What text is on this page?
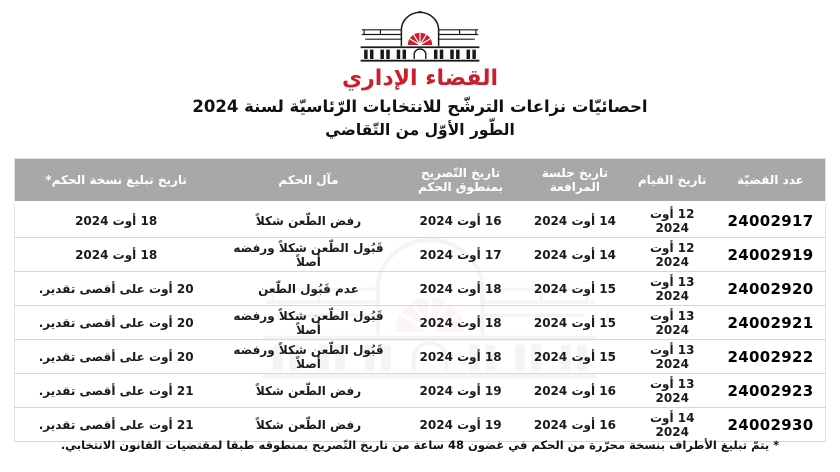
القضاء الإداري
احصائيّات نزاعات الترشّح للانتخابات الرّئاسيّة لسنة 2024
الطّور الأوّل من التّقاضي
عدد القضيّة	تاريخ القيام	تاريخ جلسة المرافعة	تاريخ التّصريح بمنطوق الحكم	مآل الحكم	تاريخ تبليغ نسخة الحكم*
24002917	12 أوت 2024	14 أوت 2024	16 أوت 2024	رفض الطّعن شكلاً	18 أوت 2024
24002919	12 أوت 2024	14 أوت 2024	17 أوت 2024	قَبُول الطّعن شكلاً ورفضه أصلاً	18 أوت 2024
24002920	13 أوت 2024	15 أوت 2024	18 أوت 2024	عدم قَبُول الطّعن	20 أوت على أقصى تقدير.
24002921	13 أوت 2024	15 أوت 2024	18 أوت 2024	قَبُول الطّعن شكلاً ورفضه أصلاً	20 أوت على أقصى تقدير.
24002922	13 أوت 2024	15 أوت 2024	18 أوت 2024	قَبُول الطّعن شكلاً ورفضه أصلاً	20 أوت على أقصى تقدير.
24002923	13 أوت 2024	16 أوت 2024	19 أوت 2024	رفض الطّعن شكلاً	21 أوت على أقصى تقدير.
24002930	14 أوت 2024	16 أوت 2024	19 أوت 2024	رفض الطّعن شكلاً	21 أوت على أقصى تقدير.
* يتمّ تبليغ الأطراف بنسخة محرّرة من الحكم في غضون 48 ساعة من تاريخ التّصريح بمنطوقه طبقا لمقتضيات القانون الانتخابي.
